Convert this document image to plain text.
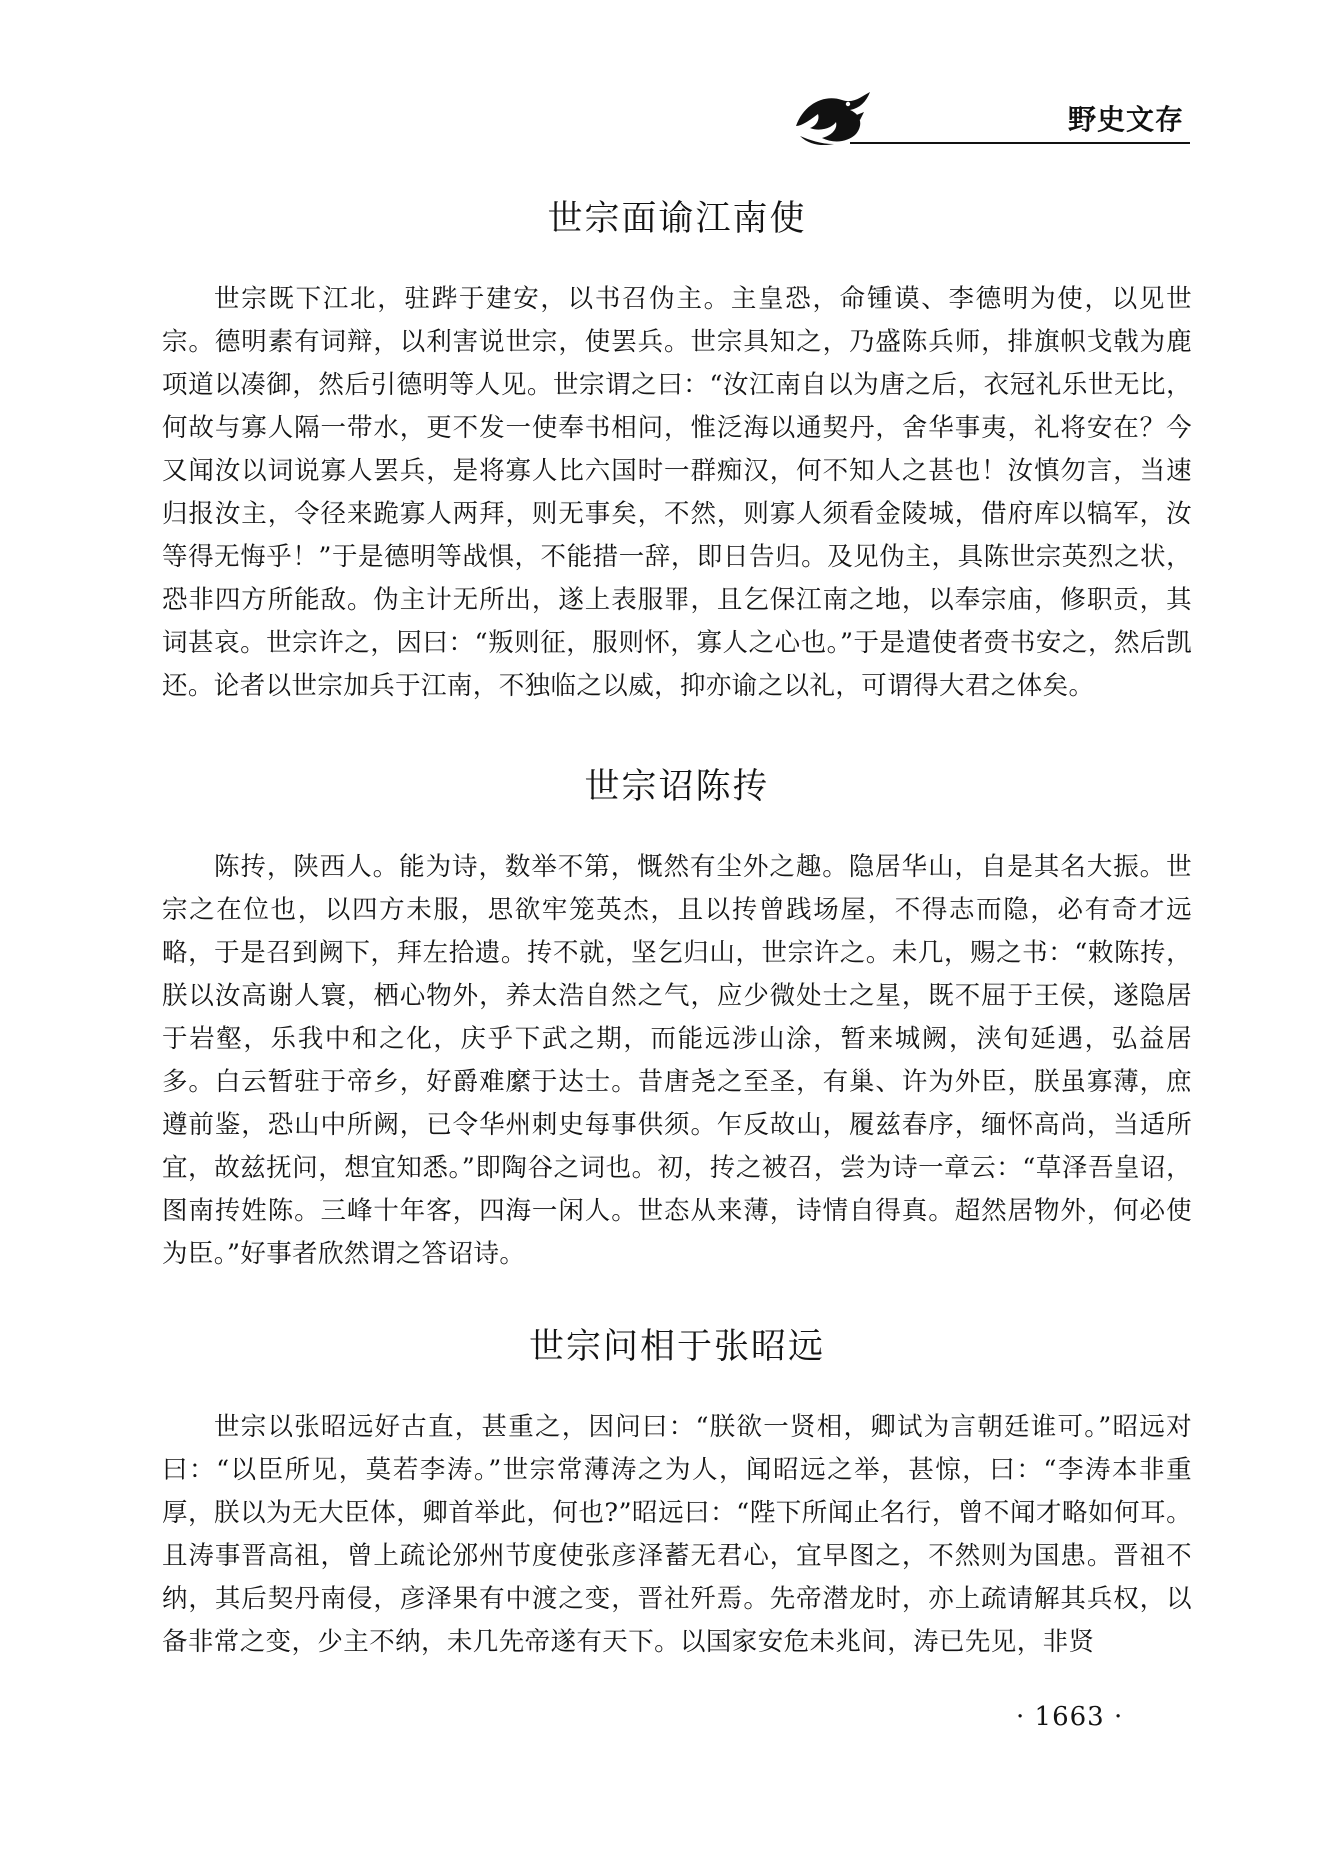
野史文存
世宗面谕江南使

世宗既下江北，驻跸于建安，以书召伪主。主皇恐，命锺谟、李德明为使，以见世宗。德明素有词辩，以利害说世宗，使罢兵。世宗具知之，乃盛陈兵师，排旗帜戈戟为鹿项道以凑御，然后引德明等人见。世宗谓之曰：“汝江南自以为唐之后，衣冠礼乐世无比，何故与寡人隔一带水，更不发一使奉书相问，惟泛海以通契丹，舍华事夷，礼将安在？今又闻汝以词说寡人罢兵，是将寡人比六国时一群痴汉，何不知人之甚也！汝慎勿言，当速归报汝主，令径来跪寡人两拜，则无事矣，不然，则寡人须看金陵城，借府库以犒军，汝等得无悔乎！”于是德明等战惧，不能措一辞，即日告归。及见伪主，具陈世宗英烈之状，恐非四方所能敌。伪主计无所出，遂上表服罪，且乞保江南之地，以奉宗庙，修职贡，其词甚哀。世宗许之，因曰：“叛则征，服则怀，寡人之心也。”于是遣使者赍书安之，然后凯还。论者以世宗加兵于江南，不独临之以威，抑亦谕之以礼，可谓得大君之体矣。

世宗诏陈抟

陈抟，陕西人。能为诗，数举不第，慨然有尘外之趣。隐居华山，自是其名大振。世宗之在位也，以四方未服，思欲牢笼英杰，且以抟曾践场屋，不得志而隐，必有奇才远略，于是召到阙下，拜左拾遗。抟不就，坚乞归山，世宗许之。未几，赐之书：“敕陈抟，朕以汝高谢人寰，栖心物外，养太浩自然之气，应少微处士之星，既不屈于王侯，遂隐居于岩壑，乐我中和之化，庆乎下武之期，而能远涉山涂，暂来城阙，浃旬延遇，弘益居多。白云暂驻于帝乡，好爵难縻于达士。昔唐尧之至圣，有巢、许为外臣，朕虽寡薄，庶遵前鉴，恐山中所阙，已令华州刺史每事供须。乍反故山，履兹春序，缅怀高尚，当适所宜，故兹抚问，想宜知悉。”即陶谷之词也。初，抟之被召，尝为诗一章云：“草泽吾皇诏，图南抟姓陈。三峰十年客，四海一闲人。世态从来薄，诗情自得真。超然居物外，何必使为臣。”好事者欣然谓之答诏诗。

世宗问相于张昭远

世宗以张昭远好古直，甚重之，因问曰：“朕欲一贤相，卿试为言朝廷谁可。”昭远对曰：“以臣所见，莫若李涛。”世宗常薄涛之为人，闻昭远之举，甚惊，曰：“李涛本非重厚，朕以为无大臣体，卿首举此，何也?”昭远曰：“陛下所闻止名行，曾不闻才略如何耳。且涛事晋高祖，曾上疏论邠州节度使张彦泽蓄无君心，宜早图之，不然则为国患。晋祖不纳，其后契丹南侵，彦泽果有中渡之变，晋社歼焉。先帝潜龙时，亦上疏请解其兵权，以备非常之变，少主不纳，未几先帝遂有天下。以国家安危未兆间，涛已先见，非贤

· 1663 ·
